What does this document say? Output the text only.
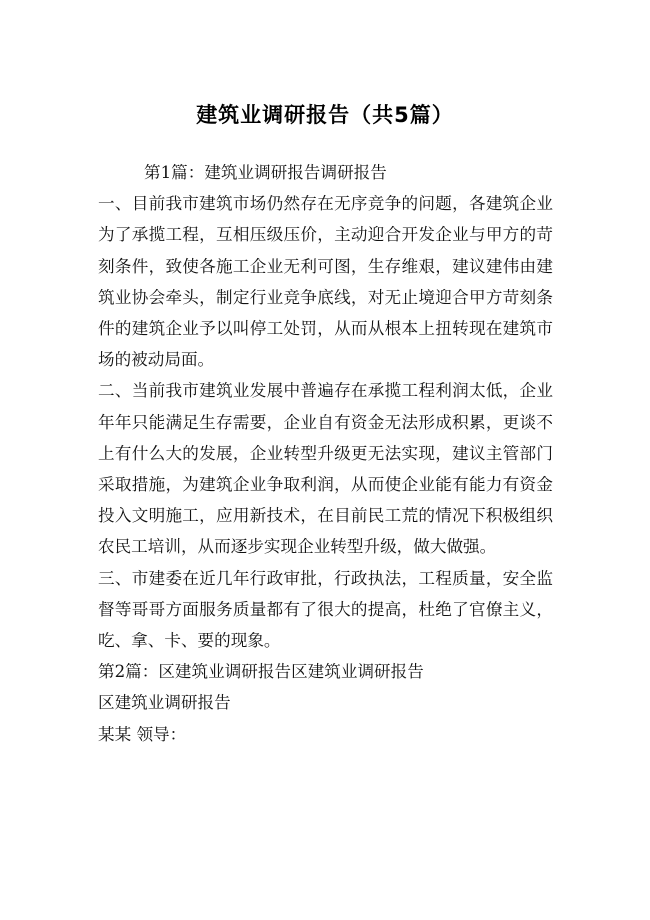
建筑业调研报告（共5篇）

第1篇：建筑业调研报告调研报告

一、目前我市建筑市场仍然存在无序竞争的问题，各建筑企业为了承揽工程，互相压级压价，主动迎合开发企业与甲方的苛刻条件，致使各施工企业无利可图，生存维艰，建议建伟由建筑业协会牵头，制定行业竞争底线，对无止境迎合甲方苛刻条件的建筑企业予以叫停工处罚，从而从根本上扭转现在建筑市场的被动局面。

二、当前我市建筑业发展中普遍存在承揽工程利润太低，企业年年只能满足生存需要，企业自有资金无法形成积累，更谈不上有什么大的发展，企业转型升级更无法实现，建议主管部门采取措施，为建筑企业争取利润，从而使企业能有能力有资金投入文明施工，应用新技术，在目前民工荒的情况下积极组织农民工培训，从而逐步实现企业转型升级，做大做强。

三、市建委在近几年行政审批，行政执法，工程质量，安全监督等哥哥方面服务质量都有了很大的提高，杜绝了官僚主义，吃、拿、卡、要的现象。

第2篇：区建筑业调研报告区建筑业调研报告

区建筑业调研报告

某某 领导：
